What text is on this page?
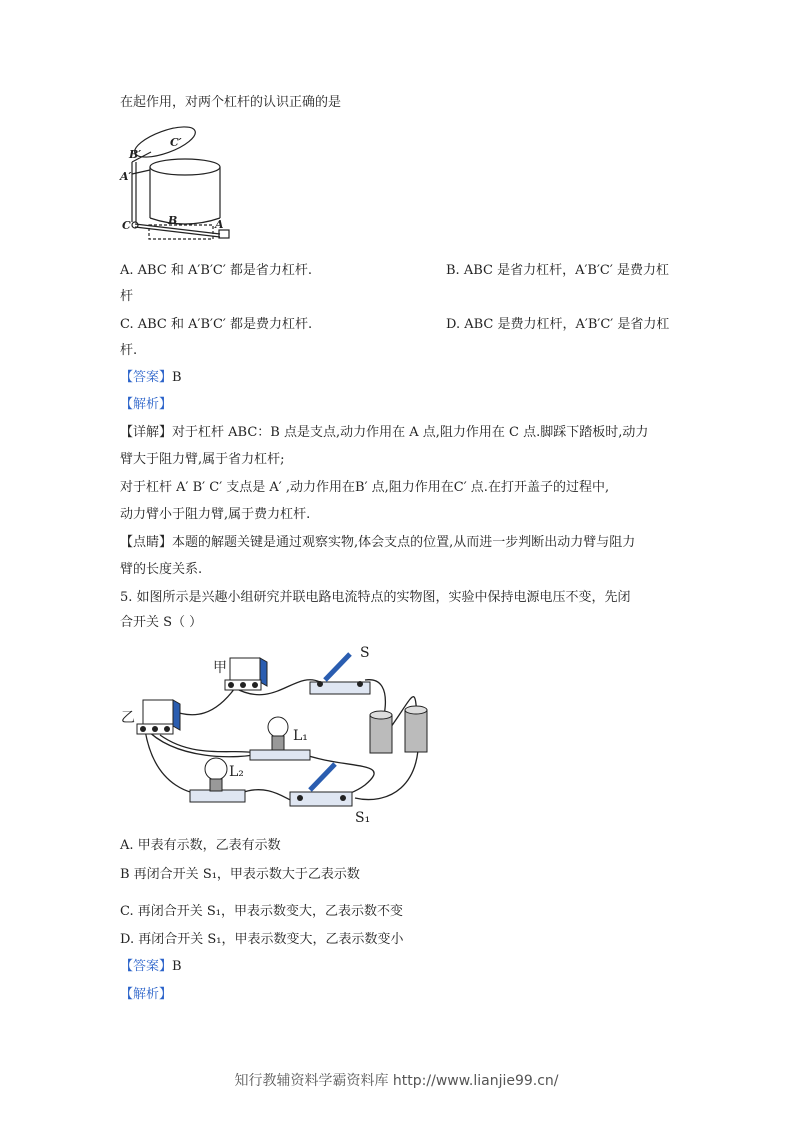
在起作用，对两个杠杆的认识正确的是
C′
B′
A′
C	B	A
A. ABC 和 A′B′C′ 都是省力杠杆.	B. ABC 是省力杠杆，A′B′C′ 是费力杠
杆
C. ABC 和 A′B′C′ 都是费力杠杆.	D. ABC 是费力杠杆，A′B′C′ 是省力杠
杆.
【答案】B
【解析】
【详解】对于杠杆 ABC：B 点是支点,动力作用在 A 点,阻力作用在 C 点.脚踩下踏板时,动力
臂大于阻力臂,属于省力杠杆;
对于杠杆 A′ B′ C′ 支点是 A′ ,动力作用在B′ 点,阻力作用在C′ 点.在打开盖子的过程中,
动力臂小于阻力臂,属于费力杠杆.
【点睛】本题的解题关键是通过观察实物,体会支点的位置,从而进一步判断出动力臂与阻力
臂的长度关系.
5. 如图所示是兴趣小组研究并联电路电流特点的实物图，实验中保持电源电压不变，先闭
合开关 S（ ）
甲
乙
S
L₁
L₂
S₁
A. 甲表有示数，乙表有示数
B 再闭合开关 S₁，甲表示数大于乙表示数
C. 再闭合开关 S₁，甲表示数变大，乙表示数不变
D. 再闭合开关 S₁，甲表示数变大，乙表示数变小
【答案】B
【解析】
知行教辅资料学霸资料库 http://www.lianjie99.cn/
